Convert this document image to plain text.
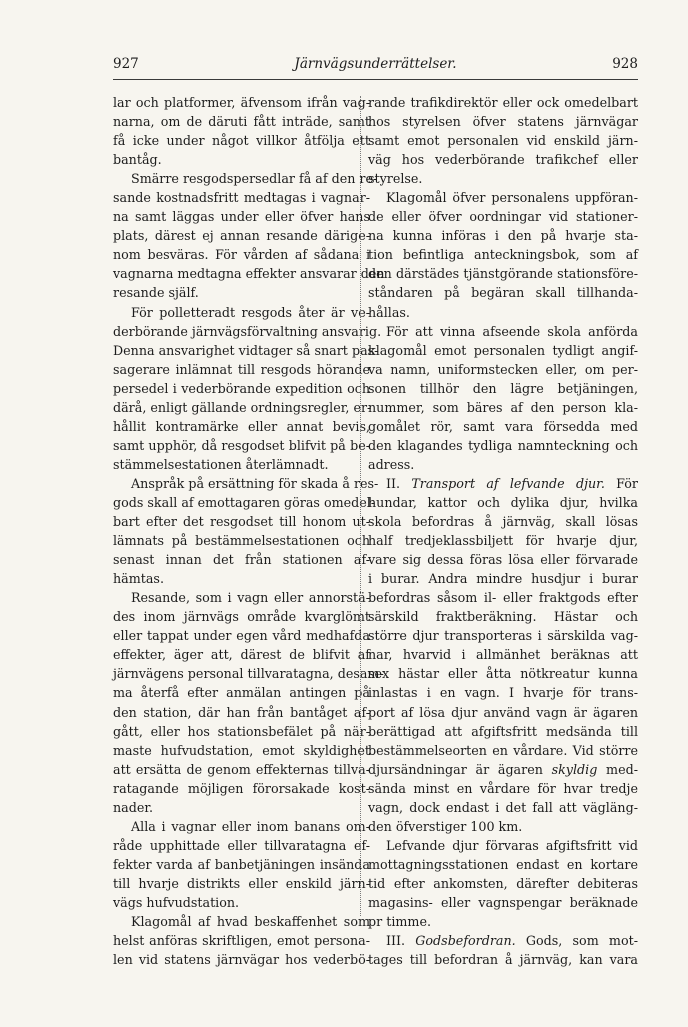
927	Järnvägsunderrättelser.	928
lar och platformer, äfvensom ifrån vag-
narna, om de däruti fått inträde, samt
få icke under något villkor åtfölja ett
bantåg.
Smärre resgodspersedlar få af den re-
sande kostnadsfritt medtagas i vagnar-
na samt läggas under eller öfver hans
plats, därest ej annan resande därige-
nom besväras. För vården af sådana i
vagnarna medtagna effekter ansvarar den
resande själf.
För polletteradt resgods åter är ve-
derbörande järnvägsförvaltning ansvarig.
Denna ansvarighet vidtager så snart pas-
sagerare inlämnat till resgods hörande
persedel i vederbörande expedition och
därå, enligt gällande ordningsregler, er-
hållit kontramärke eller annat bevis,
samt upphör, då resgodset blifvit på be-
stämmelsestationen återlämnadt.
Anspråk på ersättning för skada å res-
gods skall af emottagaren göras omedel-
bart efter det resgodset till honom ut-
lämnats på bestämmelsestationen och
senast innan det från stationen af-
hämtas.
Resande, som i vagn eller annorstä-
des inom järnvägs område kvarglömt
eller tappat under egen vård medhafda
effekter, äger att, därest de blifvit af
järnvägens personal tillvaratagna, desam-
ma återfå efter anmälan antingen på
den station, där han från bantåget af-
gått, eller hos stationsbefälet på när-
maste hufvudstation, emot skyldighet
att ersätta de genom effekternas tillva-
ratagande möjligen förorsakade kost-
nader.
Alla i vagnar eller inom banans om-
råde upphittade eller tillvaratagna ef-
fekter varda af banbetjäningen insända
till hvarje distrikts eller enskild järn-
vägs hufvudstation.
Klagomål af hvad beskaffenhet som
helst anföras skriftligen, emot persona-
len vid statens järnvägar hos vederbö-
rande trafikdirektör eller ock omedelbart
hos styrelsen öfver statens järnvägar
samt emot personalen vid enskild järn-
väg hos vederbörande trafikchef eller
styrelse.
Klagomål öfver personalens uppföran-
de eller öfver oordningar vid stationer-
na kunna införas i den på hvarje sta-
tion befintliga anteckningsbok, som af
den därstädes tjänstgörande stationsföre-
ståndaren på begäran skall tillhanda-
hållas.
För att vinna afseende skola anförda
klagomål emot personalen tydligt angif-
va namn, uniformstecken eller, om per-
sonen tillhör den lägre betjäningen,
nummer, som bäres af den person kla-
gomålet rör, samt vara försedda med
den klagandes tydliga namnteckning och
adress.
II. Transport af lefvande djur. För
hundar, kattor och dylika djur, hvilka
skola befordras å järnväg, skall lösas
half tredjeklassbiljett för hvarje djur,
vare sig dessa föras lösa eller förvarade
i burar. Andra mindre husdjur i burar
befordras såsom il- eller fraktgods efter
särskild fraktberäkning. Hästar och
större djur transporteras i särskilda vag-
nar, hvarvid i allmänhet beräknas att
sex hästar eller åtta nötkreatur kunna
inlastas i en vagn. I hvarje för trans-
port af lösa djur använd vagn är ägaren
berättigad att afgiftsfritt medsända till
bestämmelseorten en vårdare. Vid större
djursändningar är ägaren skyldig med-
sända minst en vårdare för hvar tredje
vagn, dock endast i det fall att vägläng-
den öfverstiger 100 km.
Lefvande djur förvaras afgiftsfritt vid
mottagningsstationen endast en kortare
tid efter ankomsten, därefter debiteras
magasins- eller vagnspengar beräknade
pr timme.
III. Godsbefordran. Gods, som mot-
tages till befordran å järnväg, kan vara
